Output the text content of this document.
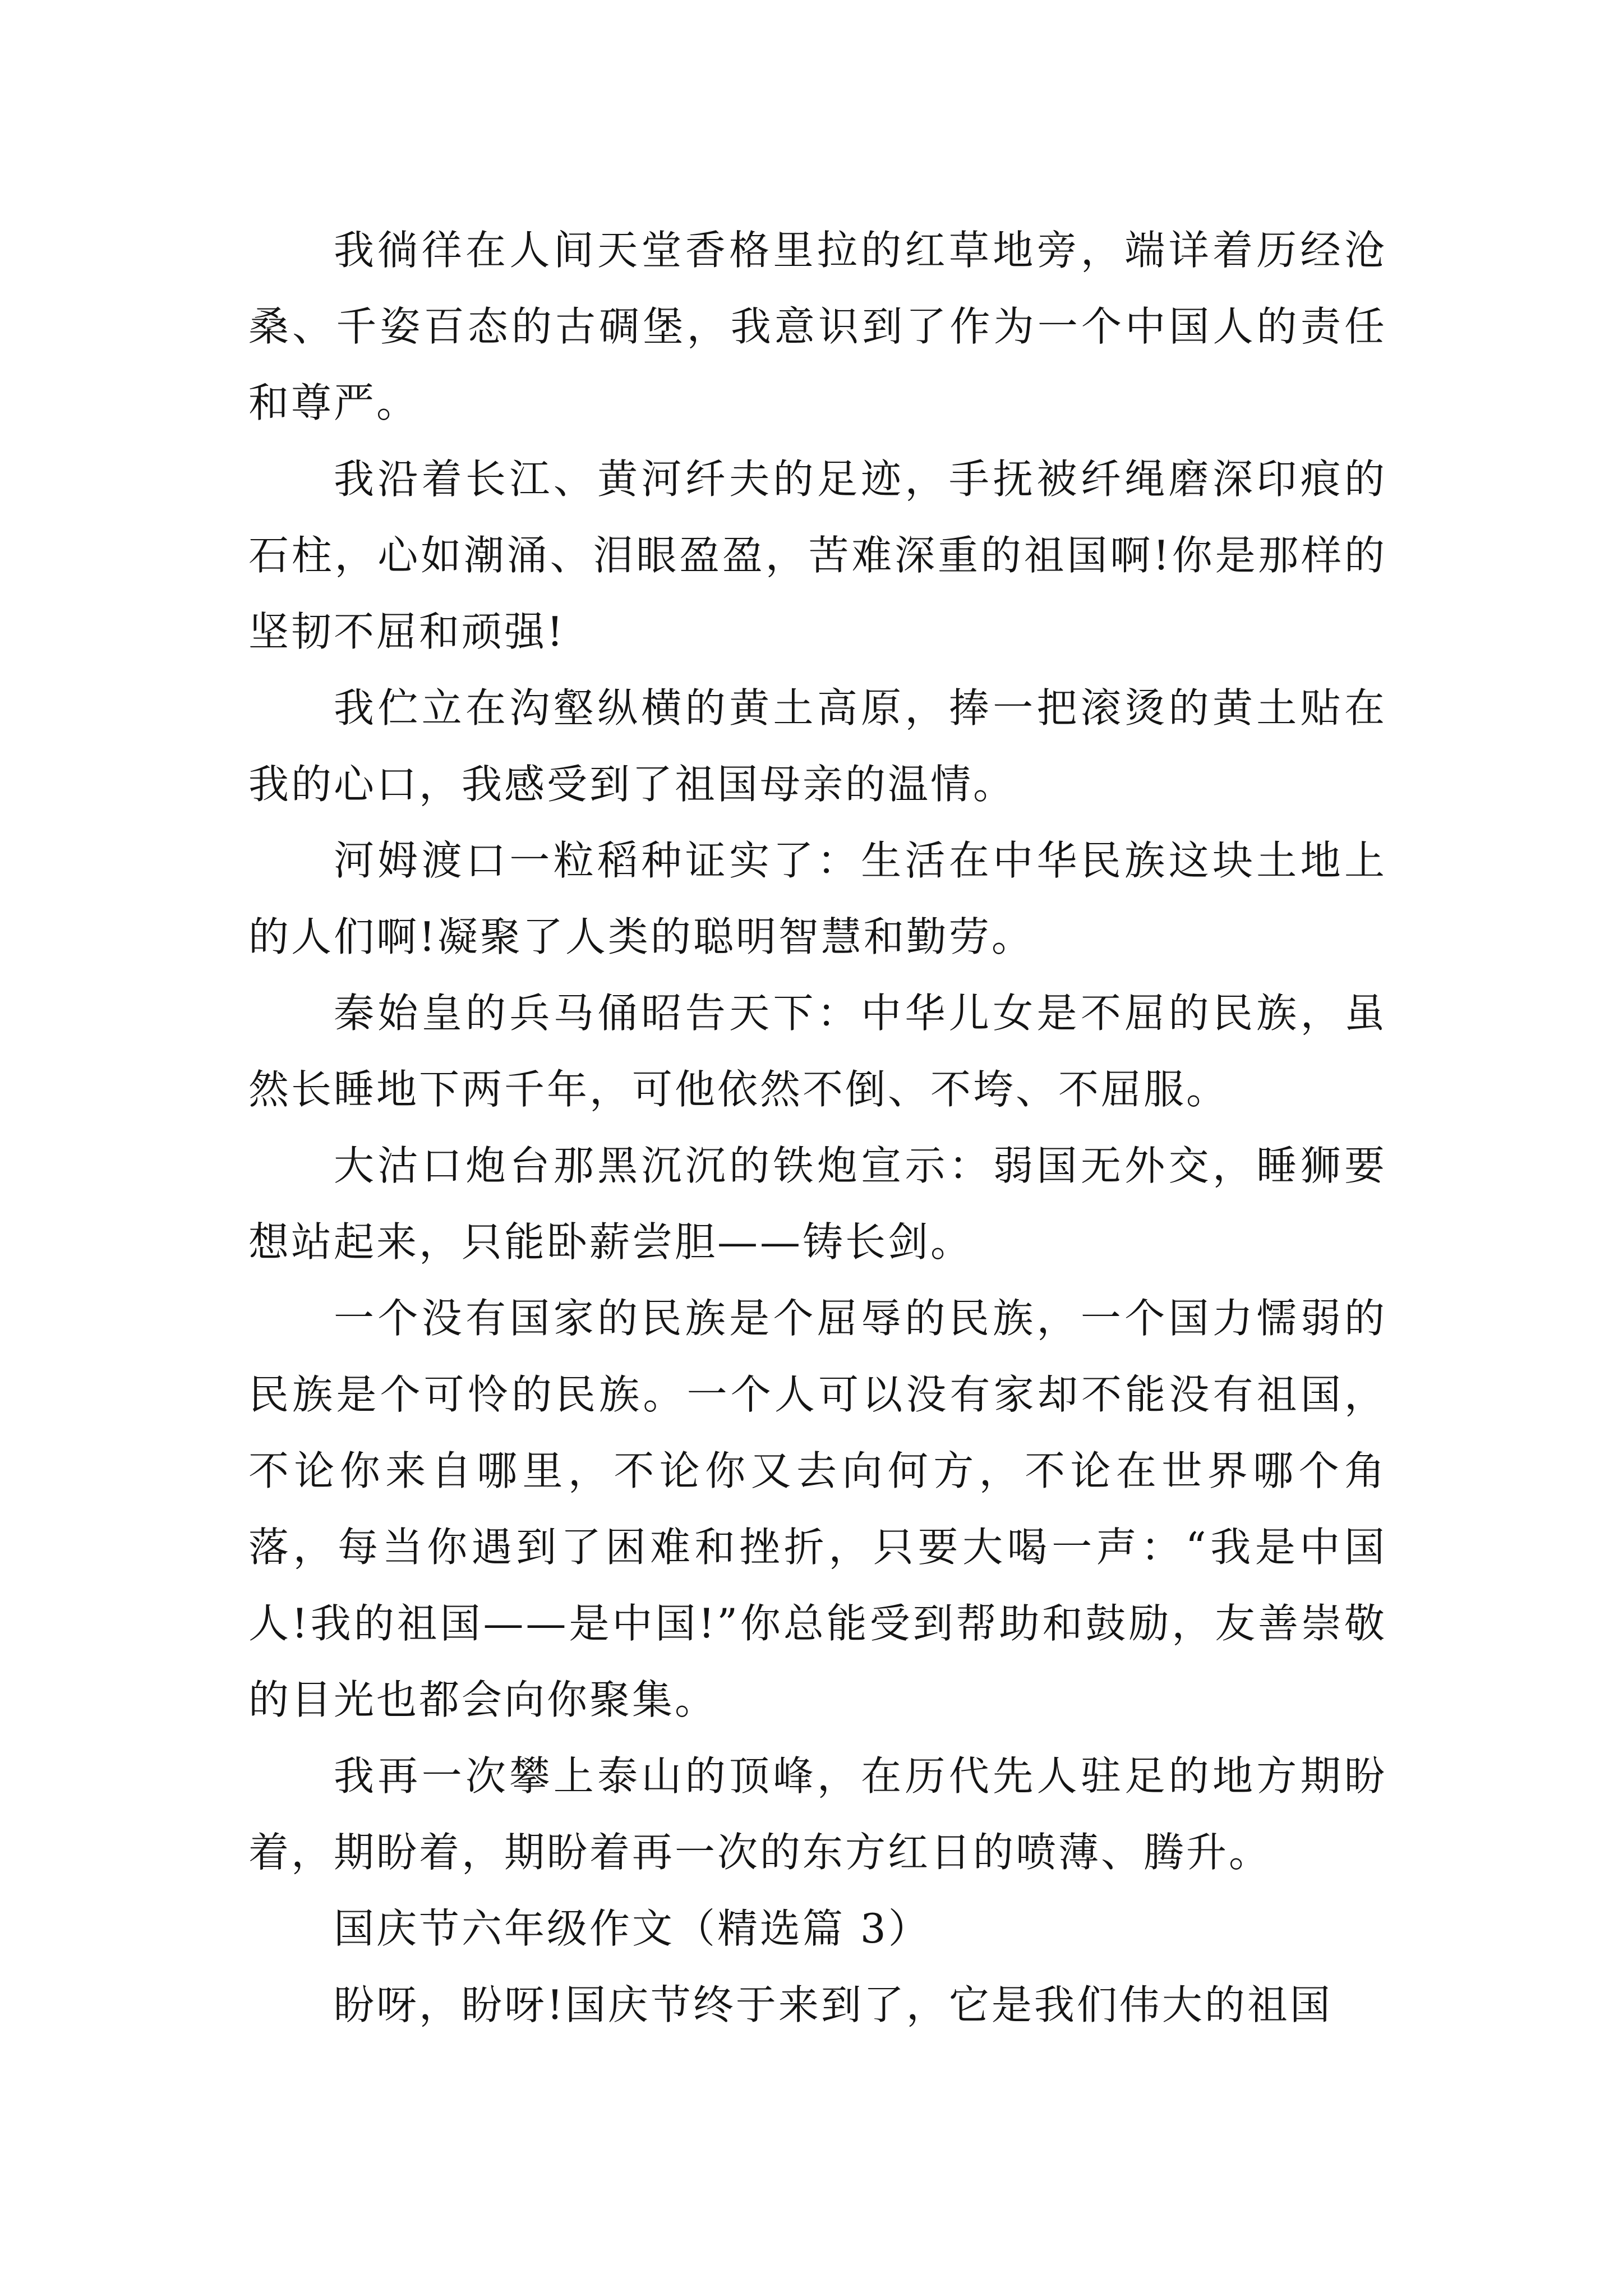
我徜徉在人间天堂香格里拉的红草地旁，端详着历经沧桑、千姿百态的古碉堡，我意识到了作为一个中国人的责任和尊严。

我沿着长江、黄河纤夫的足迹，手抚被纤绳磨深印痕的石柱，心如潮涌、泪眼盈盈，苦难深重的祖国啊!你是那样的坚韧不屈和顽强!

我伫立在沟壑纵横的黄土高原，捧一把滚烫的黄土贴在我的心口，我感受到了祖国母亲的温情。

河姆渡口一粒稻种证实了：生活在中华民族这块土地上的人们啊!凝聚了人类的聪明智慧和勤劳。

秦始皇的兵马俑昭告天下：中华儿女是不屈的民族，虽然长睡地下两千年，可他依然不倒、不垮、不屈服。

大沽口炮台那黑沉沉的铁炮宣示：弱国无外交，睡狮要想站起来，只能卧薪尝胆——铸长剑。

一个没有国家的民族是个屈辱的民族，一个国力懦弱的民族是个可怜的民族。一个人可以没有家却不能没有祖国，不论你来自哪里，不论你又去向何方，不论在世界哪个角落，每当你遇到了困难和挫折，只要大喝一声：“我是中国人!我的祖国——是中国!”你总能受到帮助和鼓励，友善崇敬的目光也都会向你聚集。

我再一次攀上泰山的顶峰，在历代先人驻足的地方期盼着，期盼着，期盼着再一次的东方红日的喷薄、腾升。

国庆节六年级作文（精选篇 3）

盼呀，盼呀!国庆节终于来到了，它是我们伟大的祖国
